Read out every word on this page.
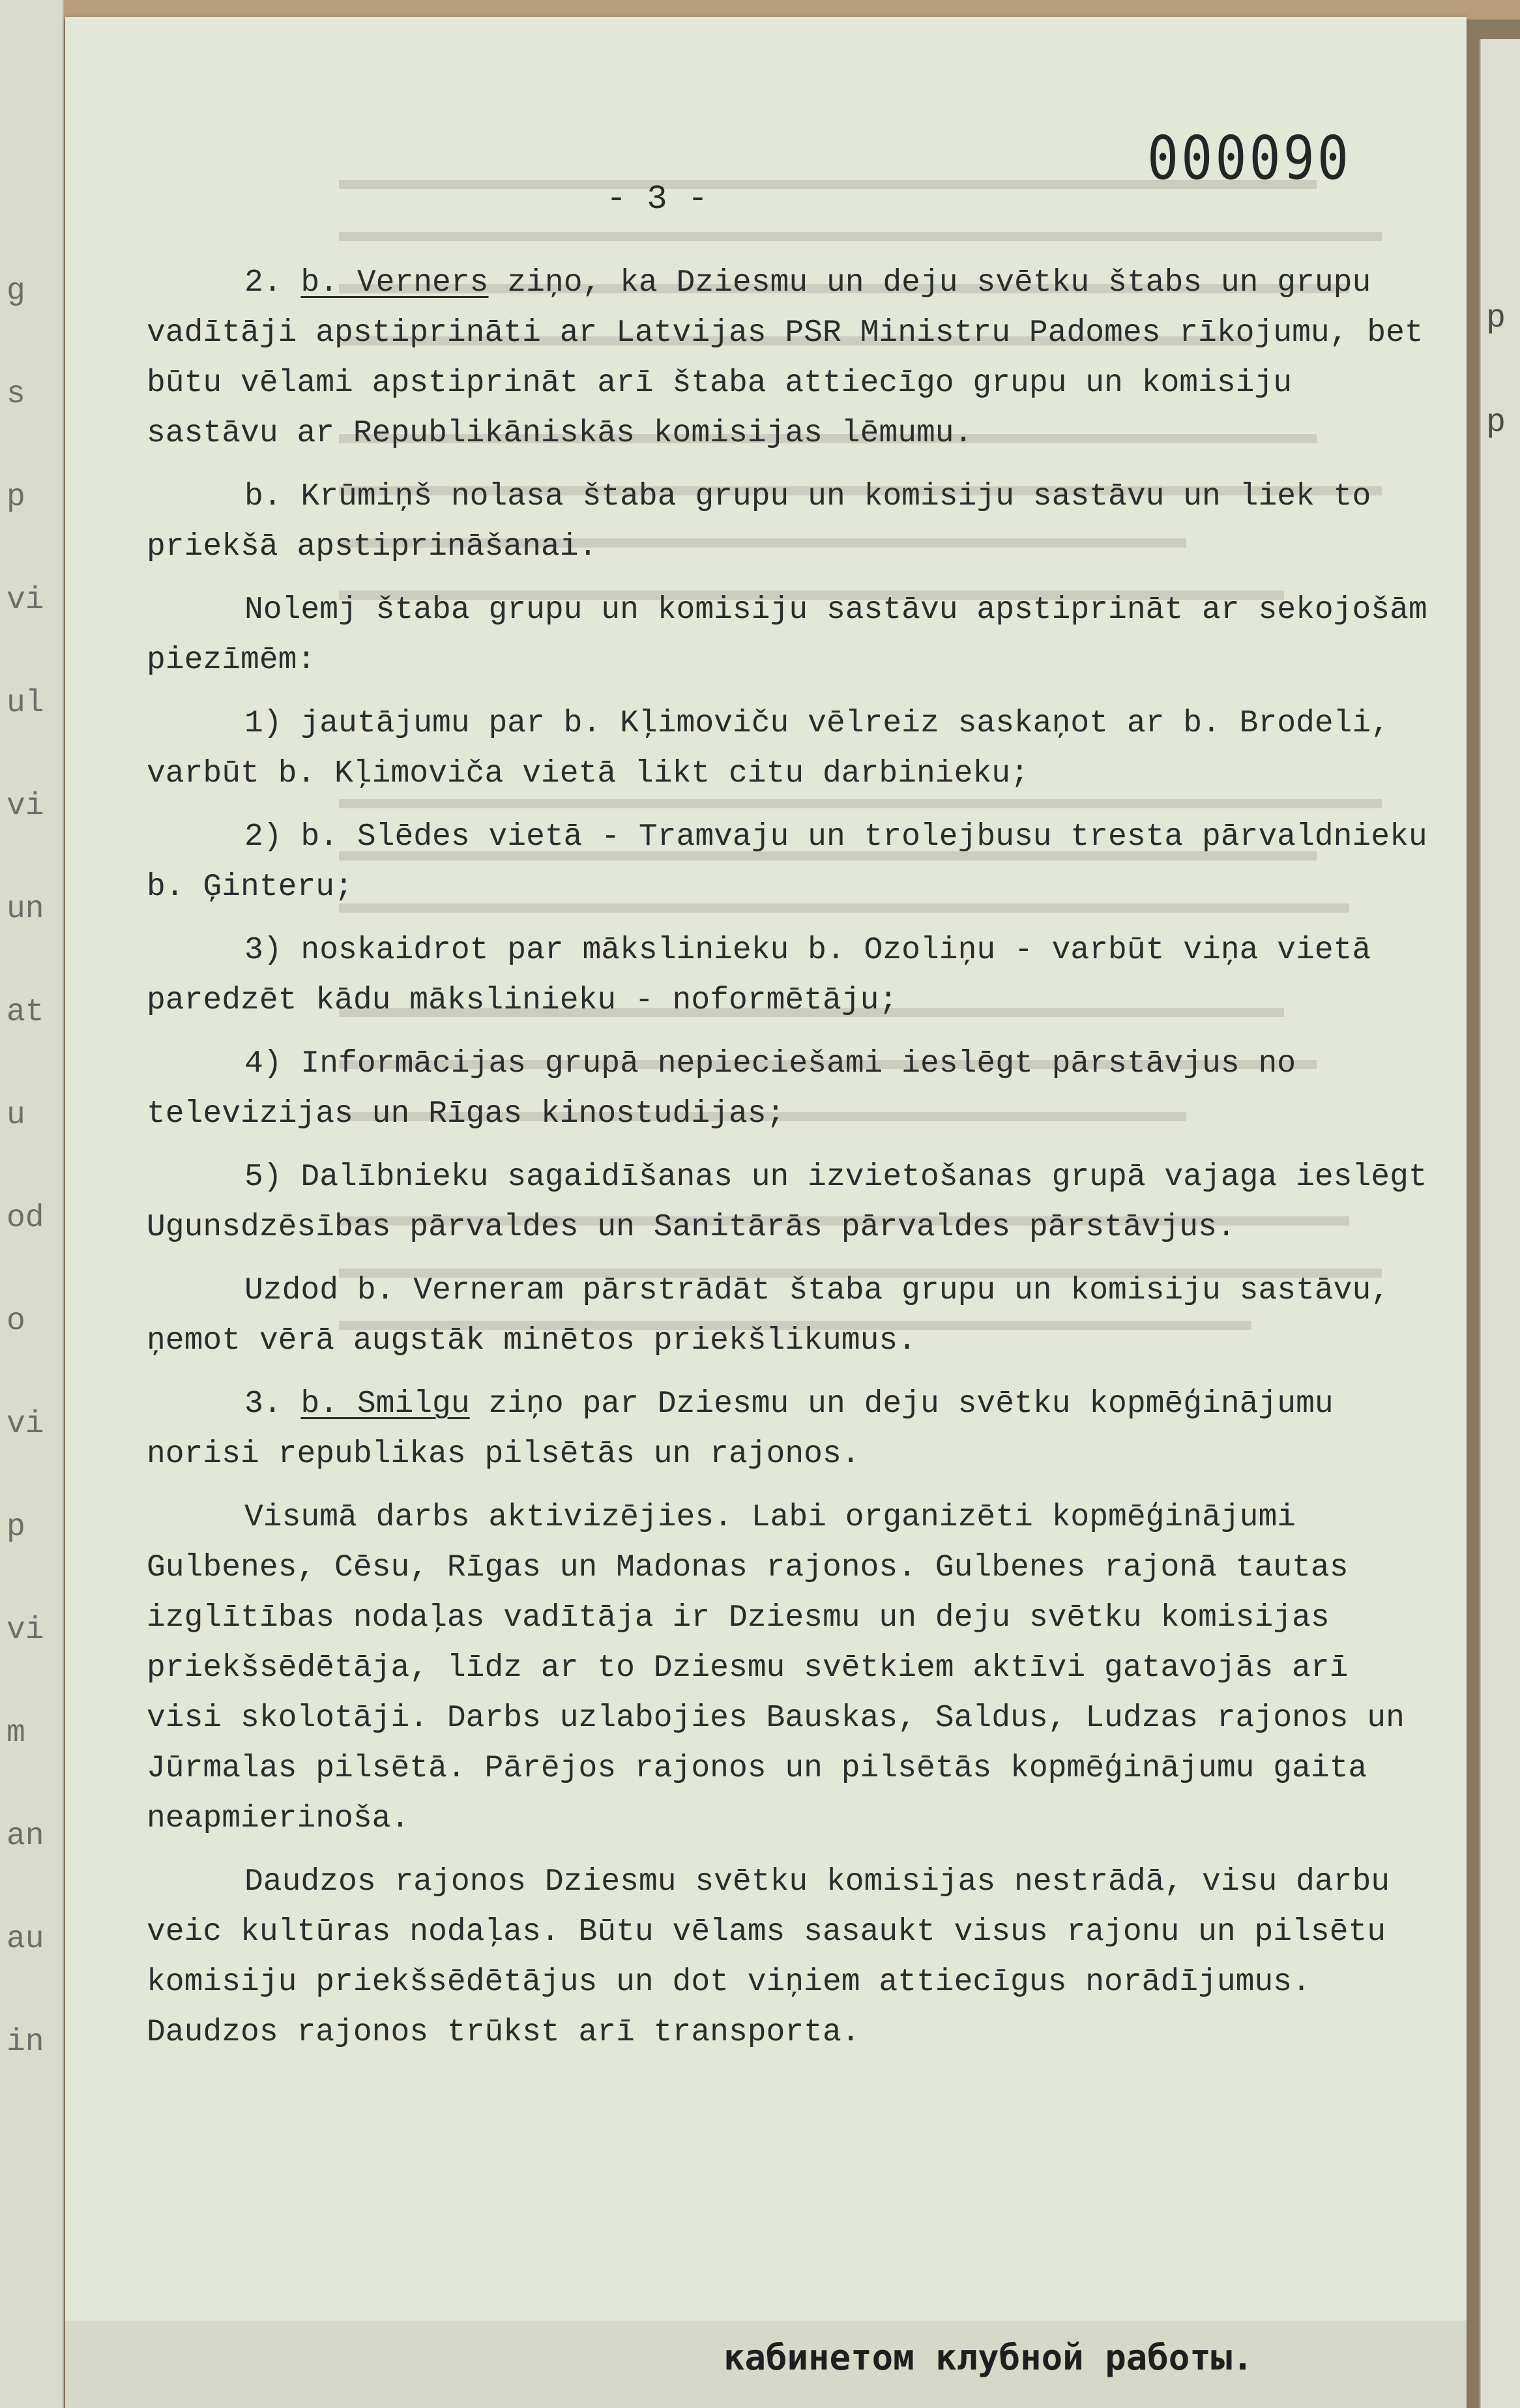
g
s
p
vi
ul
vi
un
at
u
od
o
vi
p
vi
m
an
au
in
p
p
000090
- 3 -

2. b. Verners ziņo, ka Dziesmu un deju svētku štabs un grupu vadītāji apstiprināti ar Latvijas PSR Ministru Padomes rīkojumu, bet būtu vēlami apstiprināt arī štaba attiecīgo grupu un komisiju sastāvu ar Republikāniskās komisijas lēmumu.

b. Krūmiņš nolasa štaba grupu un komisiju sastāvu un liek to priekšā apstiprināšanai.

Nolemj štaba grupu un komisiju sastāvu apstiprināt ar sekojošām piezīmēm:

1) jautājumu par b. Kļimoviču vēlreiz saskaņot ar b. Brodeli, varbūt b. Kļimoviča vietā likt citu darbinieku;

2) b. Slēdes vietā - Tramvaju un trolejbusu tresta pārvaldnieku b. Ģinteru;

3) noskaidrot par mākslinieku b. Ozoliņu - varbūt viņa vietā paredzēt kādu mākslinieku - noformētāju;

4) Informācijas grupā nepieciešami ieslēgt pārstāvjus no televizijas un Rīgas kinostudijas;

5) Dalībnieku sagaidīšanas un izvietošanas grupā vajaga ieslēgt Ugunsdzēsības pārvaldes un Sanitārās pārvaldes pārstāvjus.

Uzdod b. Verneram pārstrādāt štaba grupu un komisiju sastāvu, ņemot vērā augstāk minētos priekšlikumus.

3. b. Smilgu ziņo par Dziesmu un deju svētku kopmēģinājumu norisi republikas pilsētās un rajonos.

Visumā darbs aktivizējies. Labi organizēti kopmēģinājumi Gulbenes, Cēsu, Rīgas un Madonas rajonos. Gulbenes rajonā tautas izglītības nodaļas vadītāja ir Dziesmu un deju svētku komisijas priekšsēdētāja, līdz ar to Dziesmu svētkiem aktīvi gatavojās arī visi skolotāji. Darbs uzlabojies Bauskas, Saldus, Ludzas rajonos un Jūrmalas pilsētā. Pārējos rajonos un pilsētās kopmēģinājumu gaita neapmierinoša.

Daudzos rajonos Dziesmu svētku komisijas nestrādā, visu darbu veic kultūras nodaļas. Būtu vēlams sasaukt visus rajonu un pilsētu komisiju priekšsēdētājus un dot viņiem attiecīgus norādījumus. Daudzos rajonos trūkst arī transporta.

кабинетом клубной работы.
